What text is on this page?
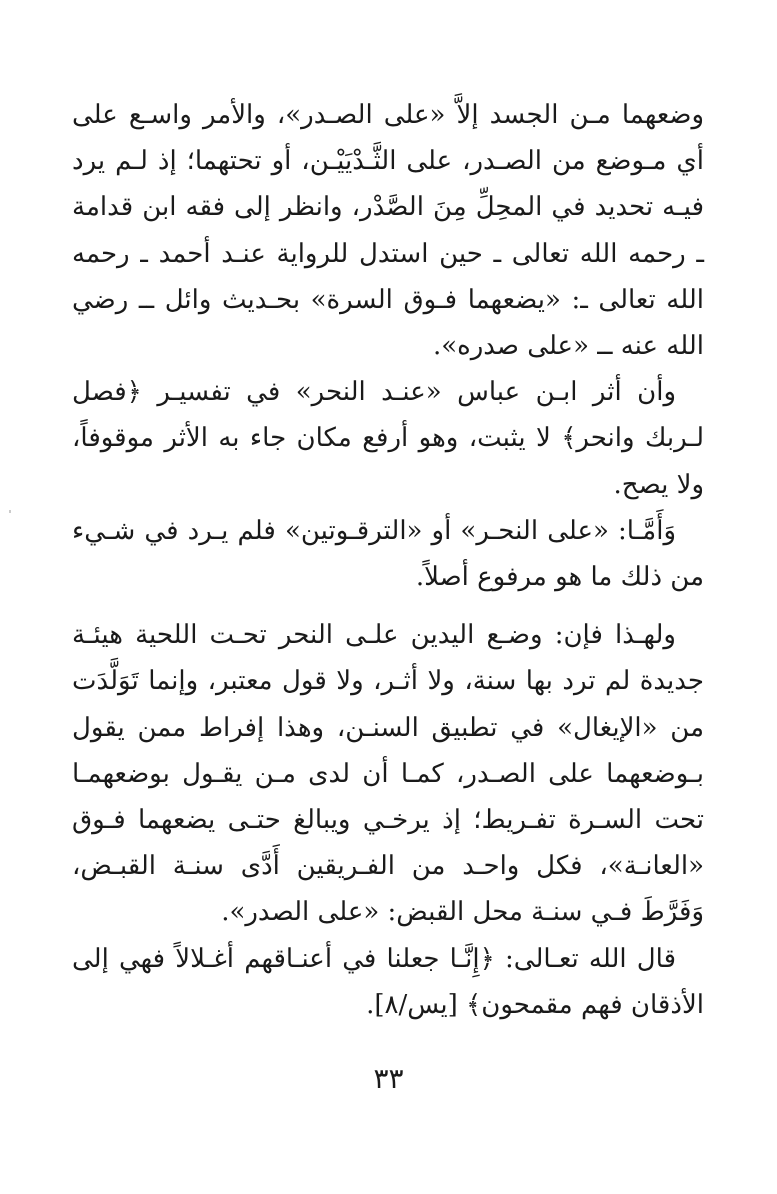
وضعهما مـن الجسد إلاَّ «على الصـدر»، والأمر واسـع على أي مـوضع من الصـدر، على الثَّـدْيَيْـن، أو تحتهما؛ إذ لـم يرد فيـه تحديد في المحِلِّ مِنَ الصَّدْر، وانظر إلى فقه ابن قدامة ـ رحمه الله تعالى ـ حين استدل للرواية عنـد أحمد ـ رحمه الله تعالى ـ: «يضعهما فـوق السرة» بحـديث وائل ــ رضي الله عنه ــ «على صدره».

وأن أثر ابـن عباس «عنـد النحر» في تفسيـر ﴿فصل لـربك وانحر﴾ لا يثبت، وهو أرفع مكان جاء به الأثر موقوفاً، ولا يصح.

وَأَمَّـا: «على النحـر» أو «الترقـوتين» فلم يـرد في شـيء من ذلك ما هو مرفوع أصلاً.

ولهـذا فإن: وضـع اليدين علـى النحر تحـت اللحية هيئـة جديدة لم ترد بها سنة، ولا أثـر، ولا قول معتبر، وإنما تَوَلَّدَت من «الإيغال» في تطبيق السنـن، وهذا إفراط ممن يقول بـوضعهما على الصـدر، كمـا أن لدى مـن يقـول بوضعهمـا تحت السـرة تفـريط؛ إذ يرخـي ويبالغ حتـى يضعهما فـوق «العانـة»، فكل واحـد من الفـريقين أَدَّى سنـة القبـض، وَفَرَّطَ فـي سنـة محل القبض: «على الصدر».

قال الله تعـالى: ﴿إِنَّـا جعلنا في أعنـاقهم أغـلالاً فهي إلى الأذقان فهم مقمحون﴾ [يس/٨].

٣٣
